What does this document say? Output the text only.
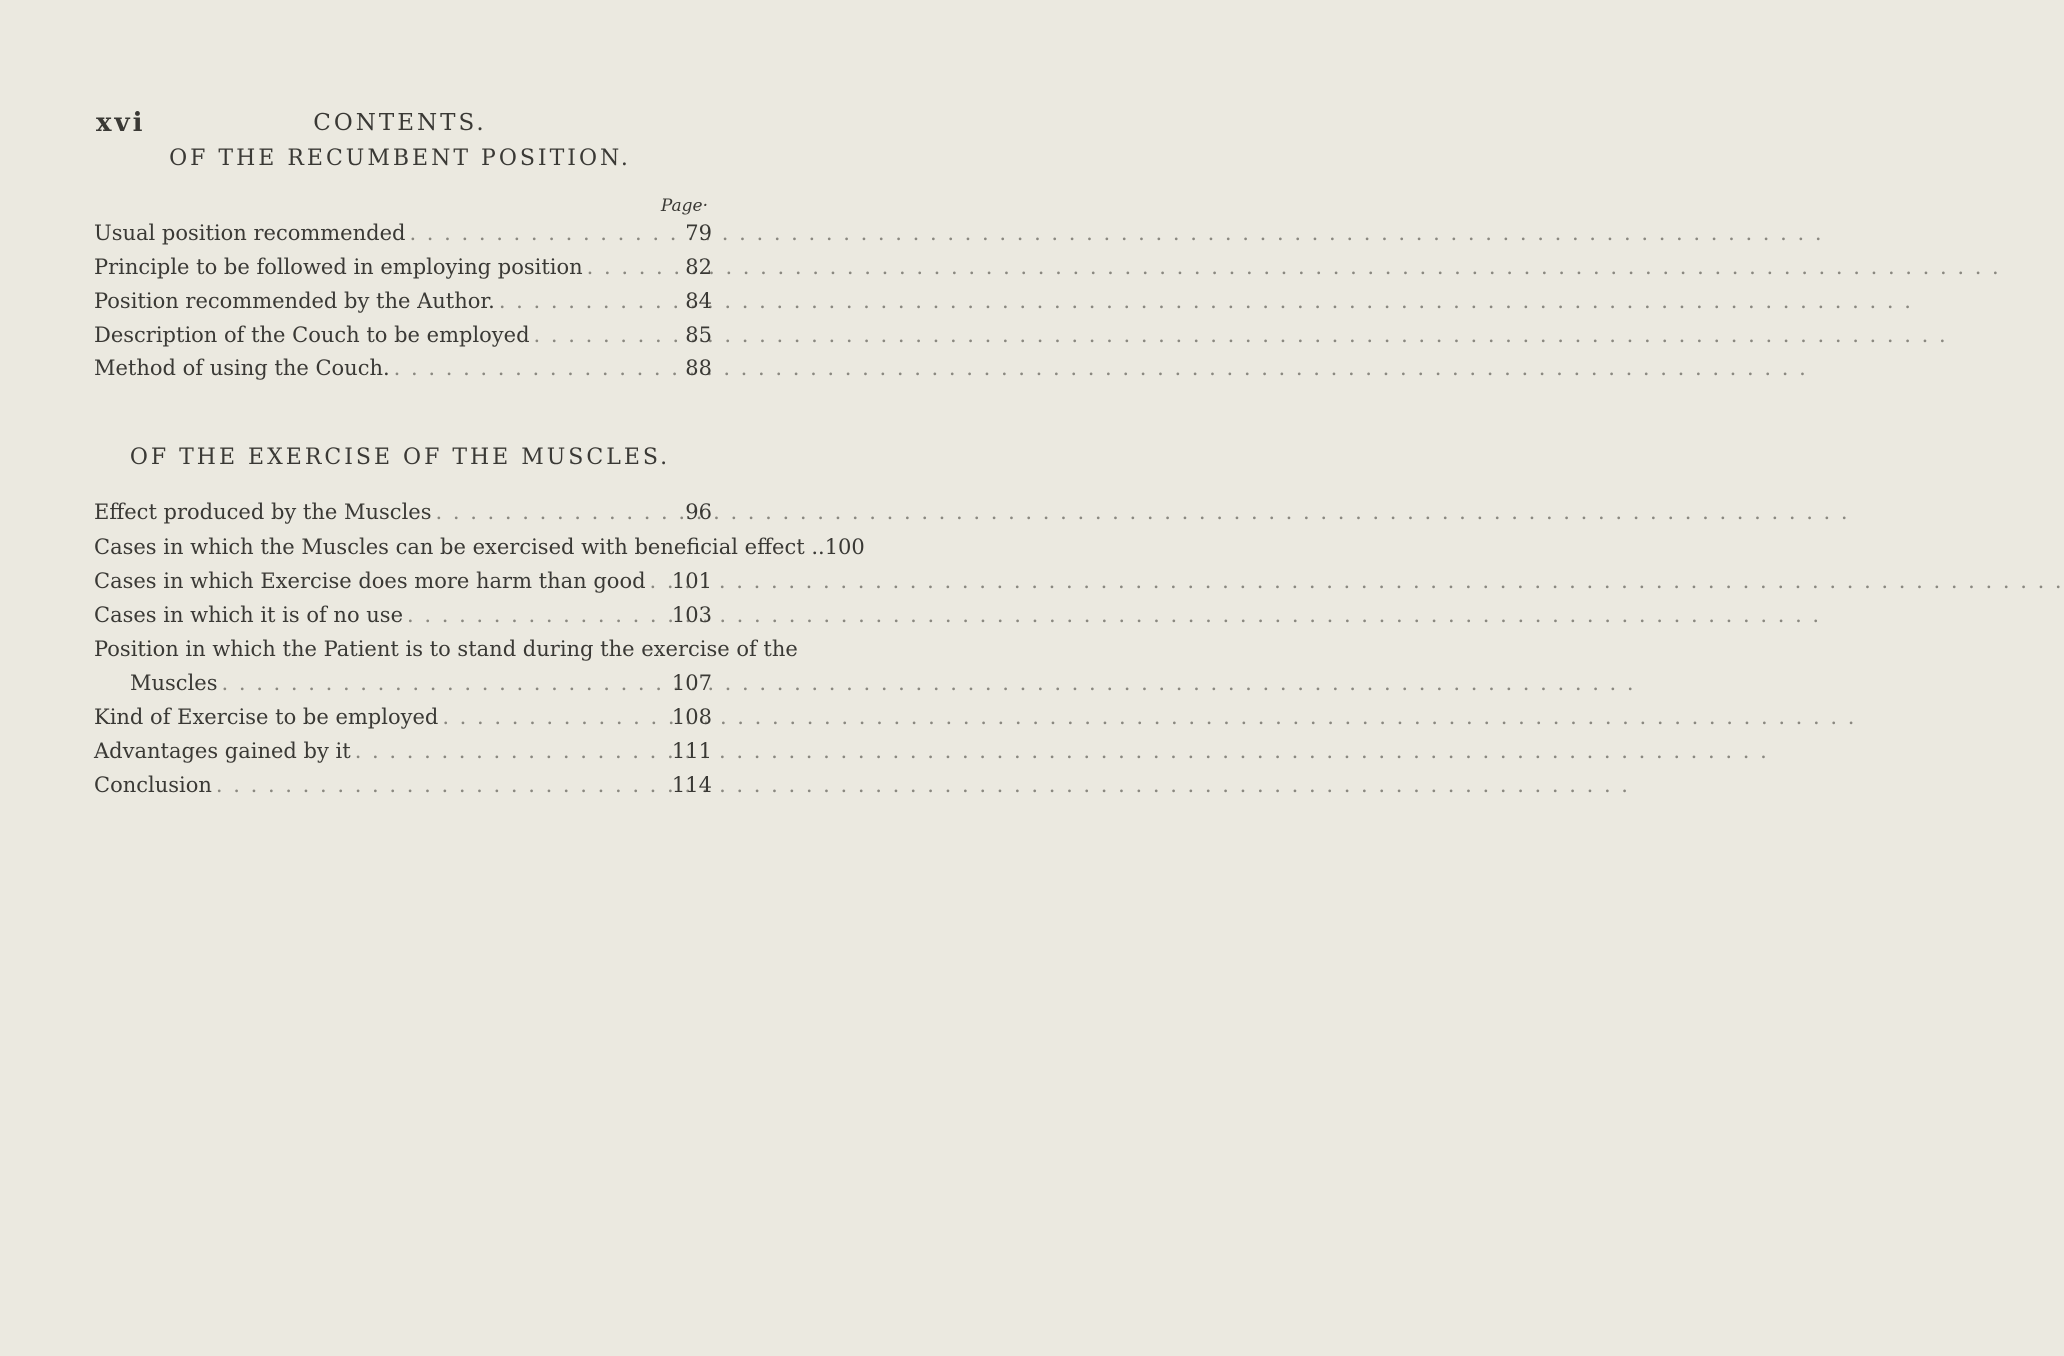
xvi	CONTENTS.
OF THE RECUMBENT POSITION.
Page·
Usual position recommended . . .	79
Principle to be followed in employing position . . .	82
Position recommended by the Author. . . .	84
Description of the Couch to be employed . . .	85
Method of using the Couch. . . .	88
OF THE EXERCISE OF THE MUSCLES.
Effect produced by the Muscles . . .	96
Cases in which the Muscles can be exercised with beneficial effect .. 100
Cases in which Exercise does more harm than good . . . 101
Cases in which it is of no use . . .	103
Position in which the Patient is to stand during the exercise of the
Muscles . . .	107
Kind of Exercise to be employed . . .	108
Advantages gained by it . . .	111
Conclusion . . .	114
